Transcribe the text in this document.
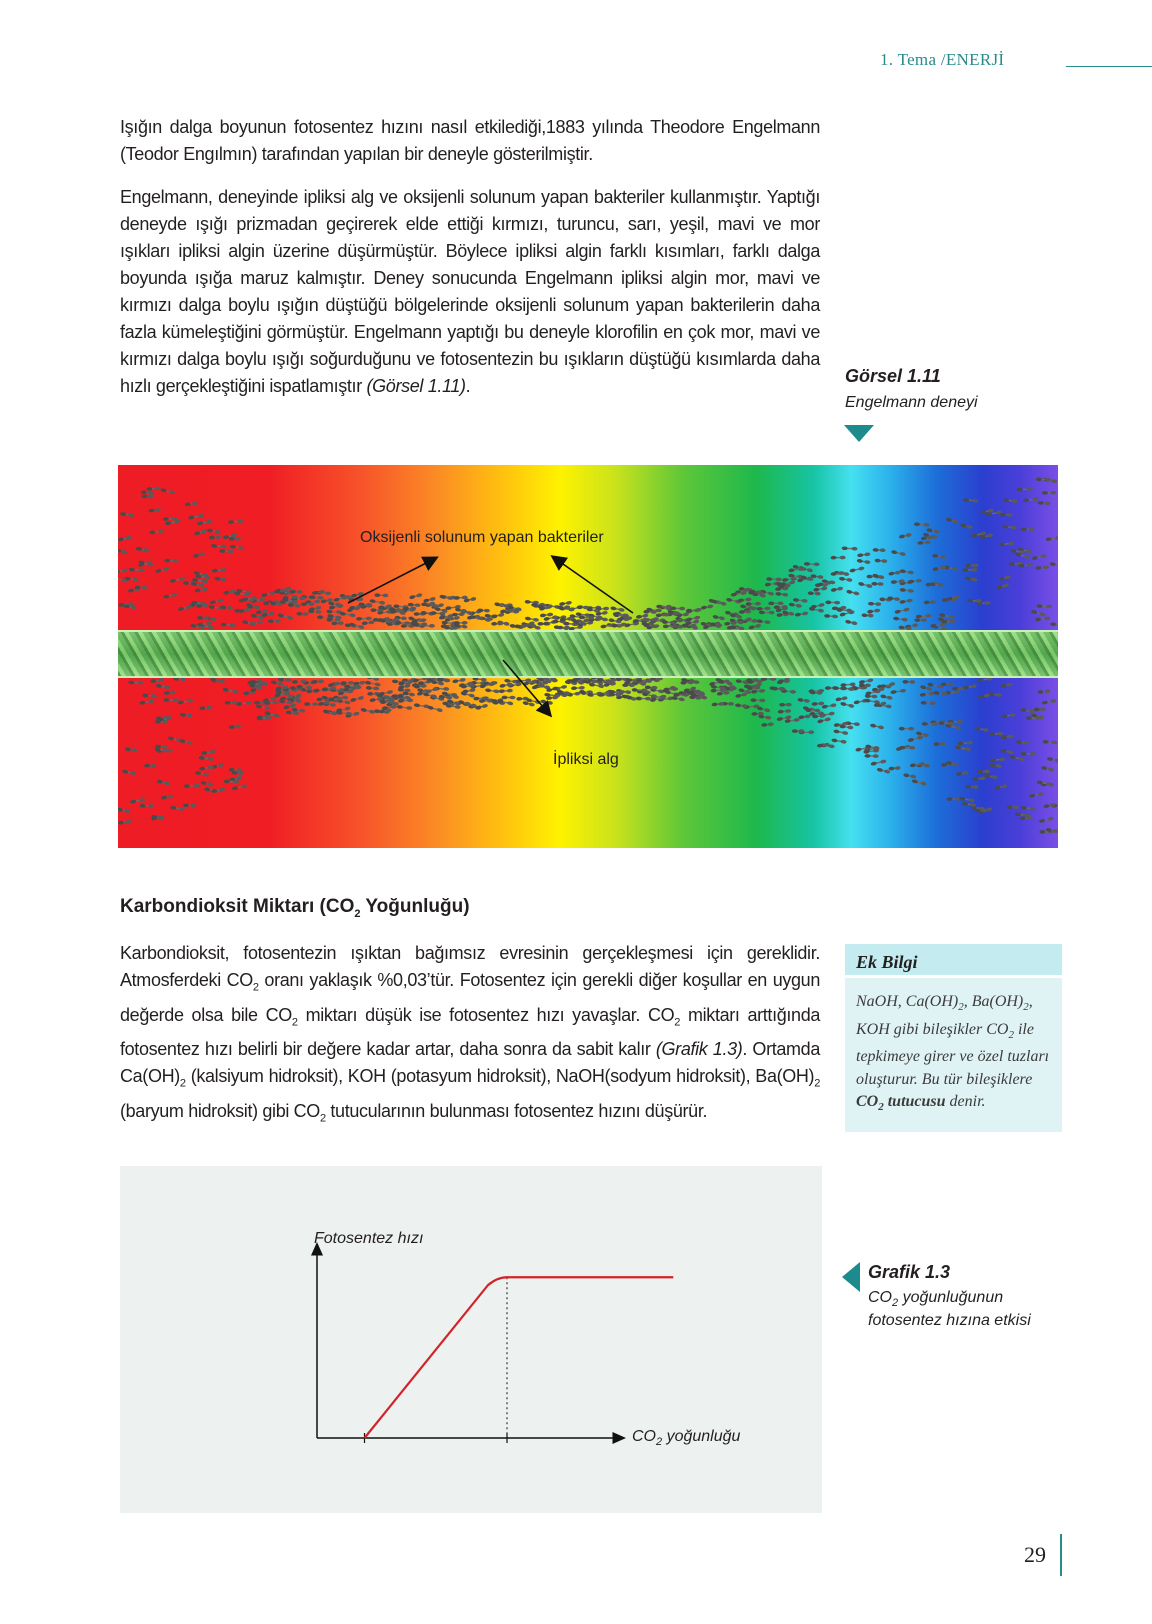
1. Tema /ENERJİ

Işığın dalga boyunun fotosentez hızını nasıl etkilediği,1883 yılında Theodore Engelmann (Teodor Engılmın) tarafından yapılan bir deneyle gösterilmiştir.

Engelmann, deneyinde ipliksi alg ve oksijenli solunum yapan bakteriler kullanmıştır. Yaptığı deneyde ışığı prizmadan geçirerek elde ettiği kırmızı, turuncu, sarı, yeşil, mavi ve mor ışıkları ipliksi algin üzerine düşürmüştür. Böylece ipliksi algin farklı kısımları, farklı dalga boyunda ışığa maruz kalmıştır. Deney sonucunda Engelmann ipliksi algin mor, mavi ve kırmızı dalga boylu ışığın düştüğü bölgelerinde oksijenli solunum yapan bakterilerin daha fazla kümeleştiğini görmüştür. Engelmann yaptığı bu deneyle klorofilin en çok mor, mavi ve kırmızı dalga boylu ışığı soğurduğunu ve fotosentezin bu ışıkların düştüğü kısımlarda daha hızlı gerçekleştiğini ispatlamıştır (Görsel 1.11).	Görsel 1.11
Engelmann deneyi
Oksijenli solunum yapan bakteriler
İpliksi alg
Karbondioksit Miktarı ($CO_2$ Yoğunluğu)

Karbondioksit, fotosentezin ışıktan bağımsız evresinin gerçekleşmesi için gereklidir. Atmosferdeki $CO_2$ oranı yaklaşık %0,03’tür. Fotosentez için gerekli diğer koşullar en uygun değerde olsa bile $CO_2$ miktarı düşük ise fotosentez hızı yavaşlar. $CO_2$ miktarı arttığında fotosentez hızı belirli bir değere kadar artar, daha sonra da sabit kalır (Grafik 1.3). Ortamda $Ca(OH)_2$ (kalsiyum hidroksit), KOH (potasyum hidroksit), NaOH(sodyum hidroksit), $Ba(OH)_2$ (baryum hidroksit) gibi $CO_2$ tutucularının bulunması fotosentez hızını düşürür.

Ek Bilgi

NaOH, $Ca(OH)_2$, $Ba(OH)_2$, KOH gibi bileşikler $CO_2$ ile tepkimeye girer ve özel tuzları oluşturur. Bu tür bileşiklere $CO_2$ tutucusu denir.

Fotosentez hızı
$CO_2$ yoğunluğu
Grafik 1.3
$CO_2$ yoğunluğunun
fotosentez hızına etkisi
29
